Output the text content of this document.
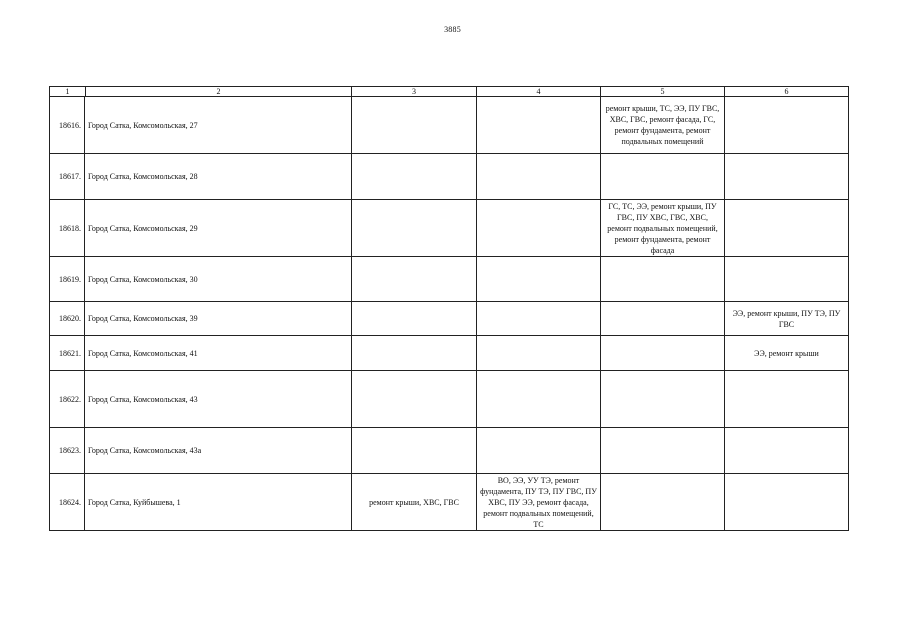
3885
1 2		3	4	5	6
18616.	Город Сатка, Комсомольская, 27			ремонт крыши, ТС, ЭЭ, ПУ ГВС, ХВС, ГВС, ремонт фасада, ГС, ремонт фундамента, ремонт подвальных помещений	
18617.	Город Сатка, Комсомольская, 28				
18618.	Город Сатка, Комсомольская, 29			ГС, ТС, ЭЭ, ремонт крыши, ПУ ГВС, ПУ ХВС, ГВС, ХВС, ремонт подвальных помещений, ремонт фундамента, ремонт фасада	
18619.	Город Сатка, Комсомольская, 30				
18620.	Город Сатка, Комсомольская, 39				ЭЭ, ремонт крыши, ПУ ТЭ, ПУ ГВС
18621.	Город Сатка, Комсомольская, 41				ЭЭ, ремонт крыши
18622.	Город Сатка, Комсомольская, 43				
18623.	Город Сатка, Комсомольская, 43а				
18624.	Город Сатка, Куйбышева, 1	ремонт крыши, ХВС, ГВС	ВО, ЭЭ, УУ ТЭ, ремонт фундамента, ПУ ТЭ, ПУ ГВС, ПУ ХВС, ПУ ЭЭ, ремонт фасада, ремонт подвальных помещений, ТС		
